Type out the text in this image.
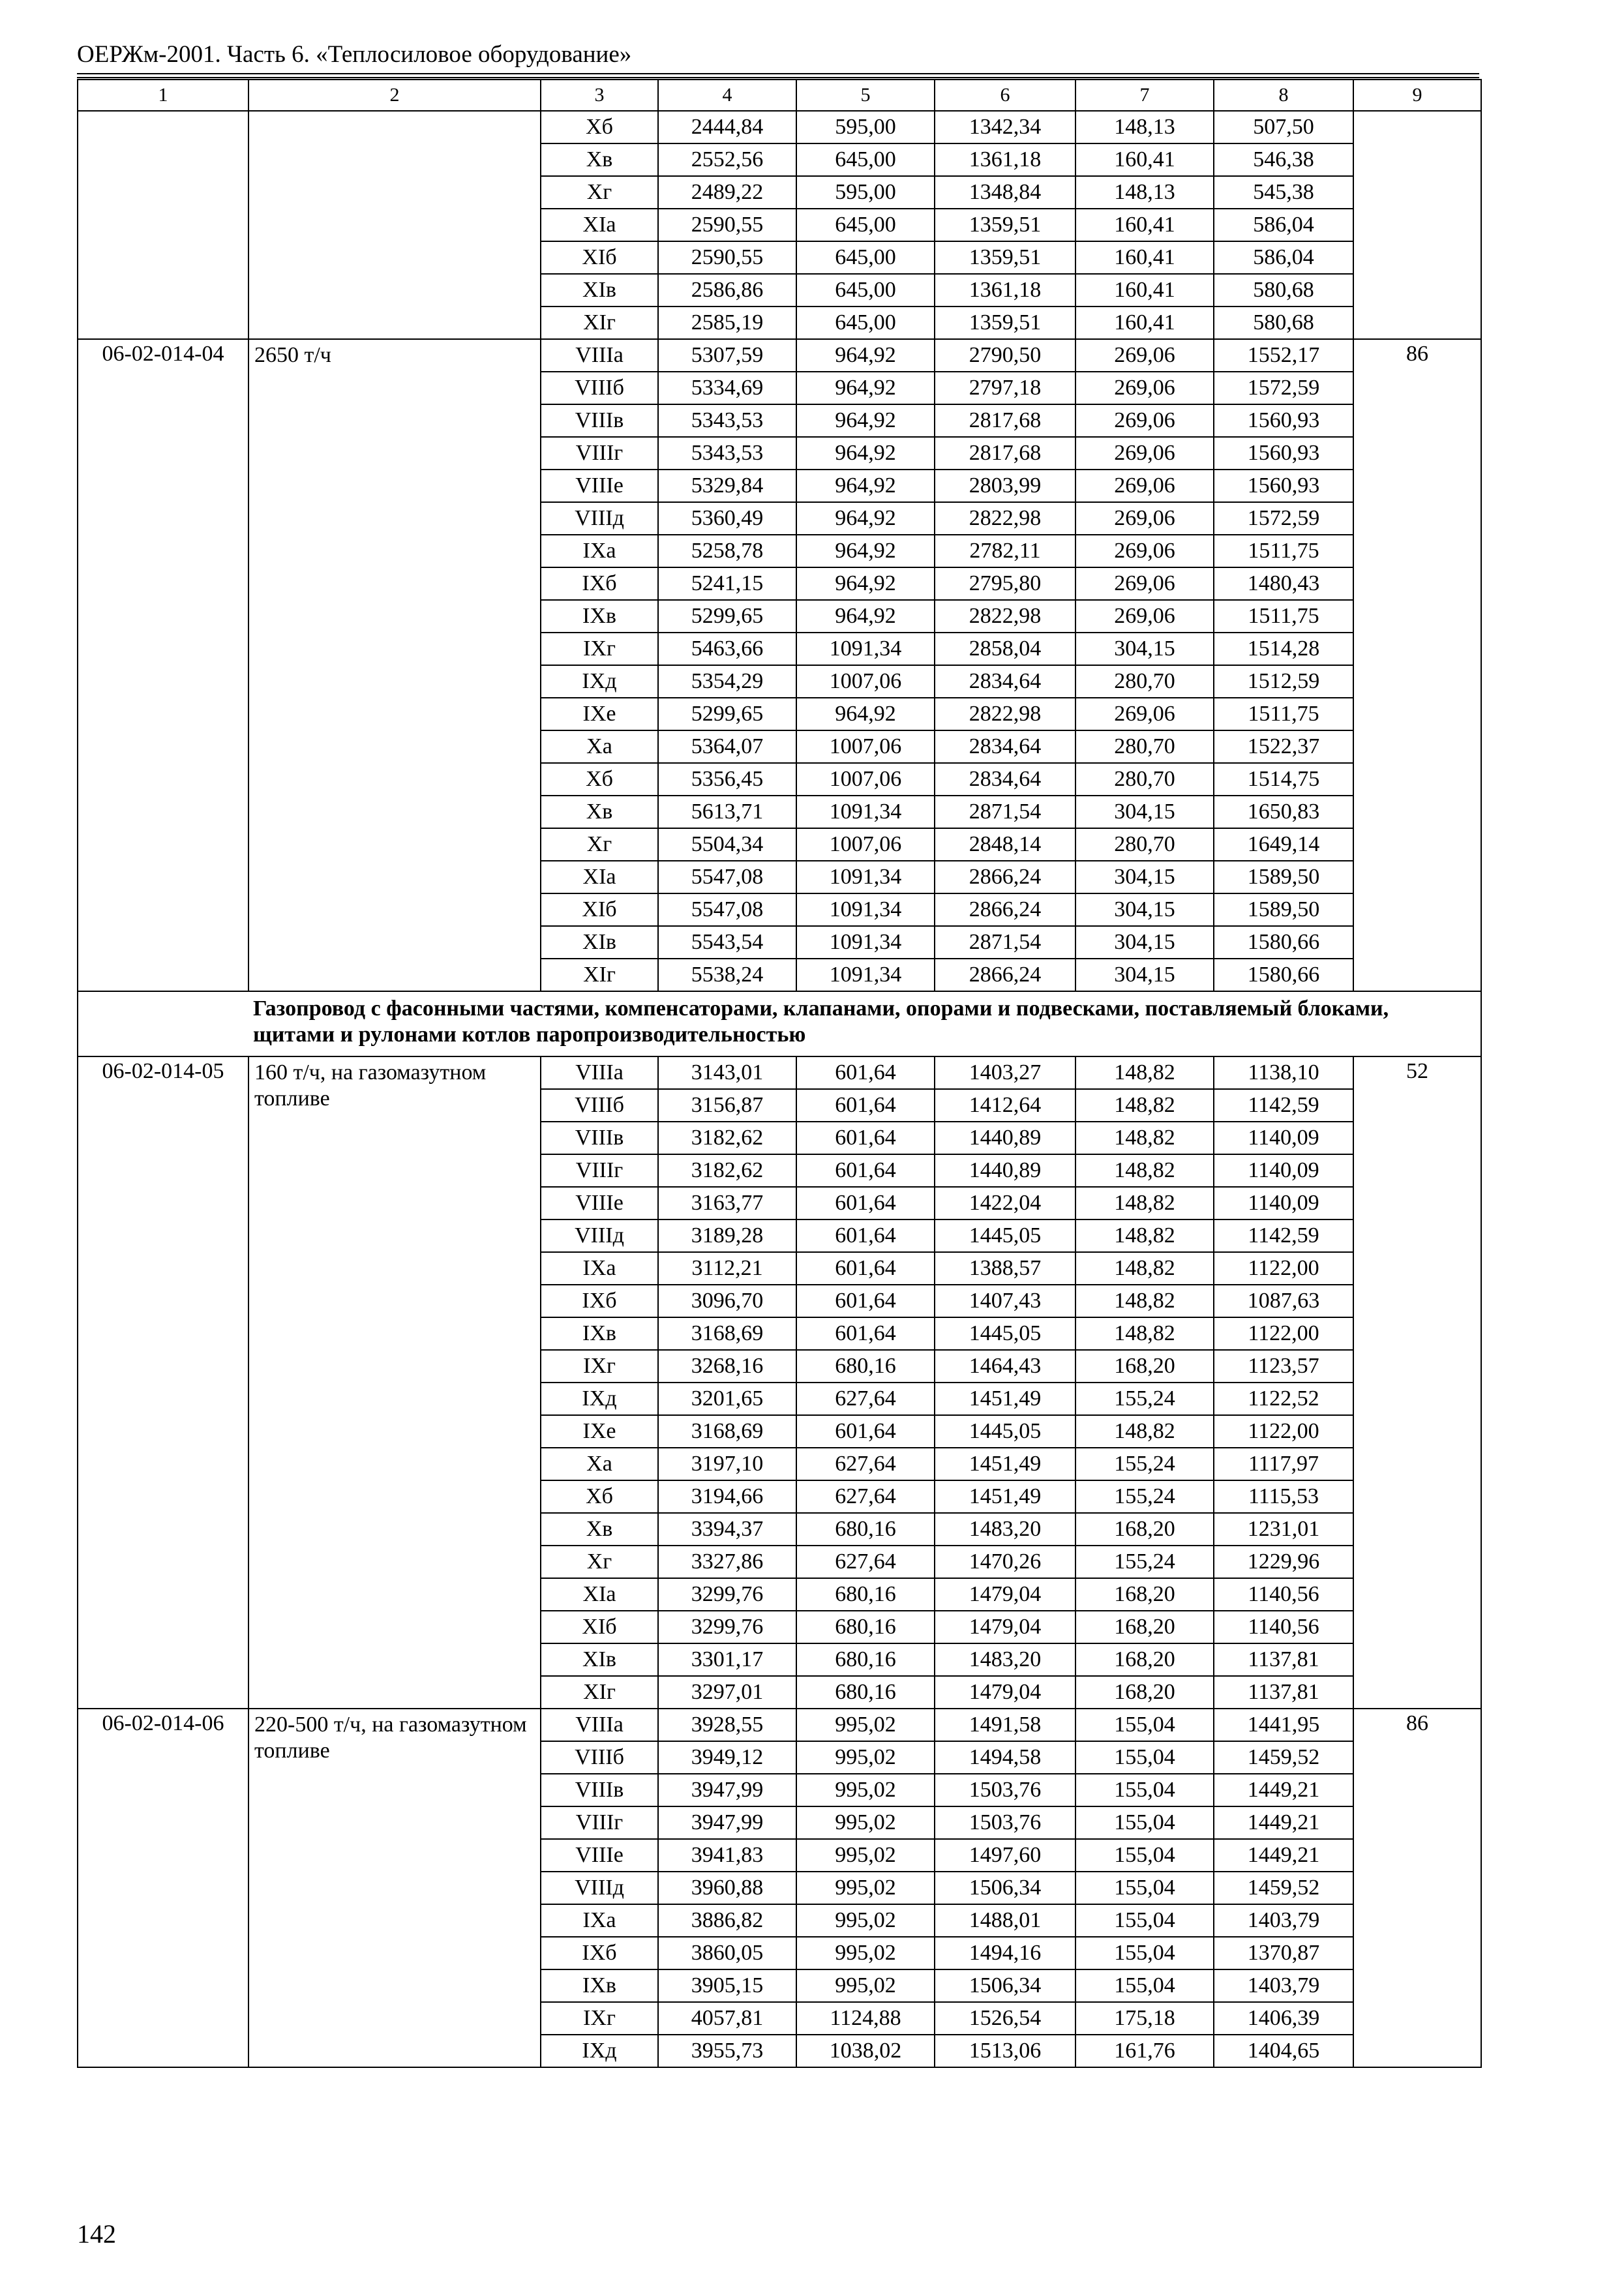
ОЕРЖм-2001. Часть 6. «Теплосиловое оборудование»
1	2	3	4	5	6	7	8	9
		Xб	2444,84	595,00	1342,34	148,13	507,50	
		Xв	2552,56	645,00	1361,18	160,41	546,38	
		Xг	2489,22	595,00	1348,84	148,13	545,38	
		XIа	2590,55	645,00	1359,51	160,41	586,04	
		XIб	2590,55	645,00	1359,51	160,41	586,04	
		XIв	2586,86	645,00	1361,18	160,41	580,68	
		XIг	2585,19	645,00	1359,51	160,41	580,68	
06-02-014-04	2650 т/ч	VIIIа	5307,59	964,92	2790,50	269,06	1552,17	86
		VIIIб	5334,69	964,92	2797,18	269,06	1572,59	
		VIIIв	5343,53	964,92	2817,68	269,06	1560,93	
		VIIIг	5343,53	964,92	2817,68	269,06	1560,93	
		VIIIе	5329,84	964,92	2803,99	269,06	1560,93	
		VIIIд	5360,49	964,92	2822,98	269,06	1572,59	
		IXа	5258,78	964,92	2782,11	269,06	1511,75	
		IXб	5241,15	964,92	2795,80	269,06	1480,43	
		IXв	5299,65	964,92	2822,98	269,06	1511,75	
		IXг	5463,66	1091,34	2858,04	304,15	1514,28	
		IXд	5354,29	1007,06	2834,64	280,70	1512,59	
		IXе	5299,65	964,92	2822,98	269,06	1511,75	
		Xа	5364,07	1007,06	2834,64	280,70	1522,37	
		Xб	5356,45	1007,06	2834,64	280,70	1514,75	
		Xв	5613,71	1091,34	2871,54	304,15	1650,83	
		Xг	5504,34	1007,06	2848,14	280,70	1649,14	
		XIа	5547,08	1091,34	2866,24	304,15	1589,50	
		XIб	5547,08	1091,34	2866,24	304,15	1589,50	
		XIв	5543,54	1091,34	2871,54	304,15	1580,66	
		XIг	5538,24	1091,34	2866,24	304,15	1580,66	
Газопровод с фасонными частями, компенсаторами, клапанами, опорами и подвесками, поставляемый блоками, щитами и рулонами котлов паропроизводительностью								
06-02-014-05	160 т/ч, на газомазутном топливе	VIIIа	3143,01	601,64	1403,27	148,82	1138,10	52
		VIIIб	3156,87	601,64	1412,64	148,82	1142,59	
		VIIIв	3182,62	601,64	1440,89	148,82	1140,09	
		VIIIг	3182,62	601,64	1440,89	148,82	1140,09	
		VIIIе	3163,77	601,64	1422,04	148,82	1140,09	
		VIIIд	3189,28	601,64	1445,05	148,82	1142,59	
		IXа	3112,21	601,64	1388,57	148,82	1122,00	
		IXб	3096,70	601,64	1407,43	148,82	1087,63	
		IXв	3168,69	601,64	1445,05	148,82	1122,00	
		IXг	3268,16	680,16	1464,43	168,20	1123,57	
		IXд	3201,65	627,64	1451,49	155,24	1122,52	
		IXе	3168,69	601,64	1445,05	148,82	1122,00	
		Xа	3197,10	627,64	1451,49	155,24	1117,97	
		Xб	3194,66	627,64	1451,49	155,24	1115,53	
		Xв	3394,37	680,16	1483,20	168,20	1231,01	
		Xг	3327,86	627,64	1470,26	155,24	1229,96	
		XIа	3299,76	680,16	1479,04	168,20	1140,56	
		XIб	3299,76	680,16	1479,04	168,20	1140,56	
		XIв	3301,17	680,16	1483,20	168,20	1137,81	
		XIг	3297,01	680,16	1479,04	168,20	1137,81	
06-02-014-06	220-500 т/ч, на газомазутном топливе	VIIIа	3928,55	995,02	1491,58	155,04	1441,95	86
		VIIIб	3949,12	995,02	1494,58	155,04	1459,52	
		VIIIв	3947,99	995,02	1503,76	155,04	1449,21	
		VIIIг	3947,99	995,02	1503,76	155,04	1449,21	
		VIIIе	3941,83	995,02	1497,60	155,04	1449,21	
		VIIIд	3960,88	995,02	1506,34	155,04	1459,52	
		IXа	3886,82	995,02	1488,01	155,04	1403,79	
		IXб	3860,05	995,02	1494,16	155,04	1370,87	
		IXв	3905,15	995,02	1506,34	155,04	1403,79	
		IXг	4057,81	1124,88	1526,54	175,18	1406,39	
		IXд	3955,73	1038,02	1513,06	161,76	1404,65	
142
